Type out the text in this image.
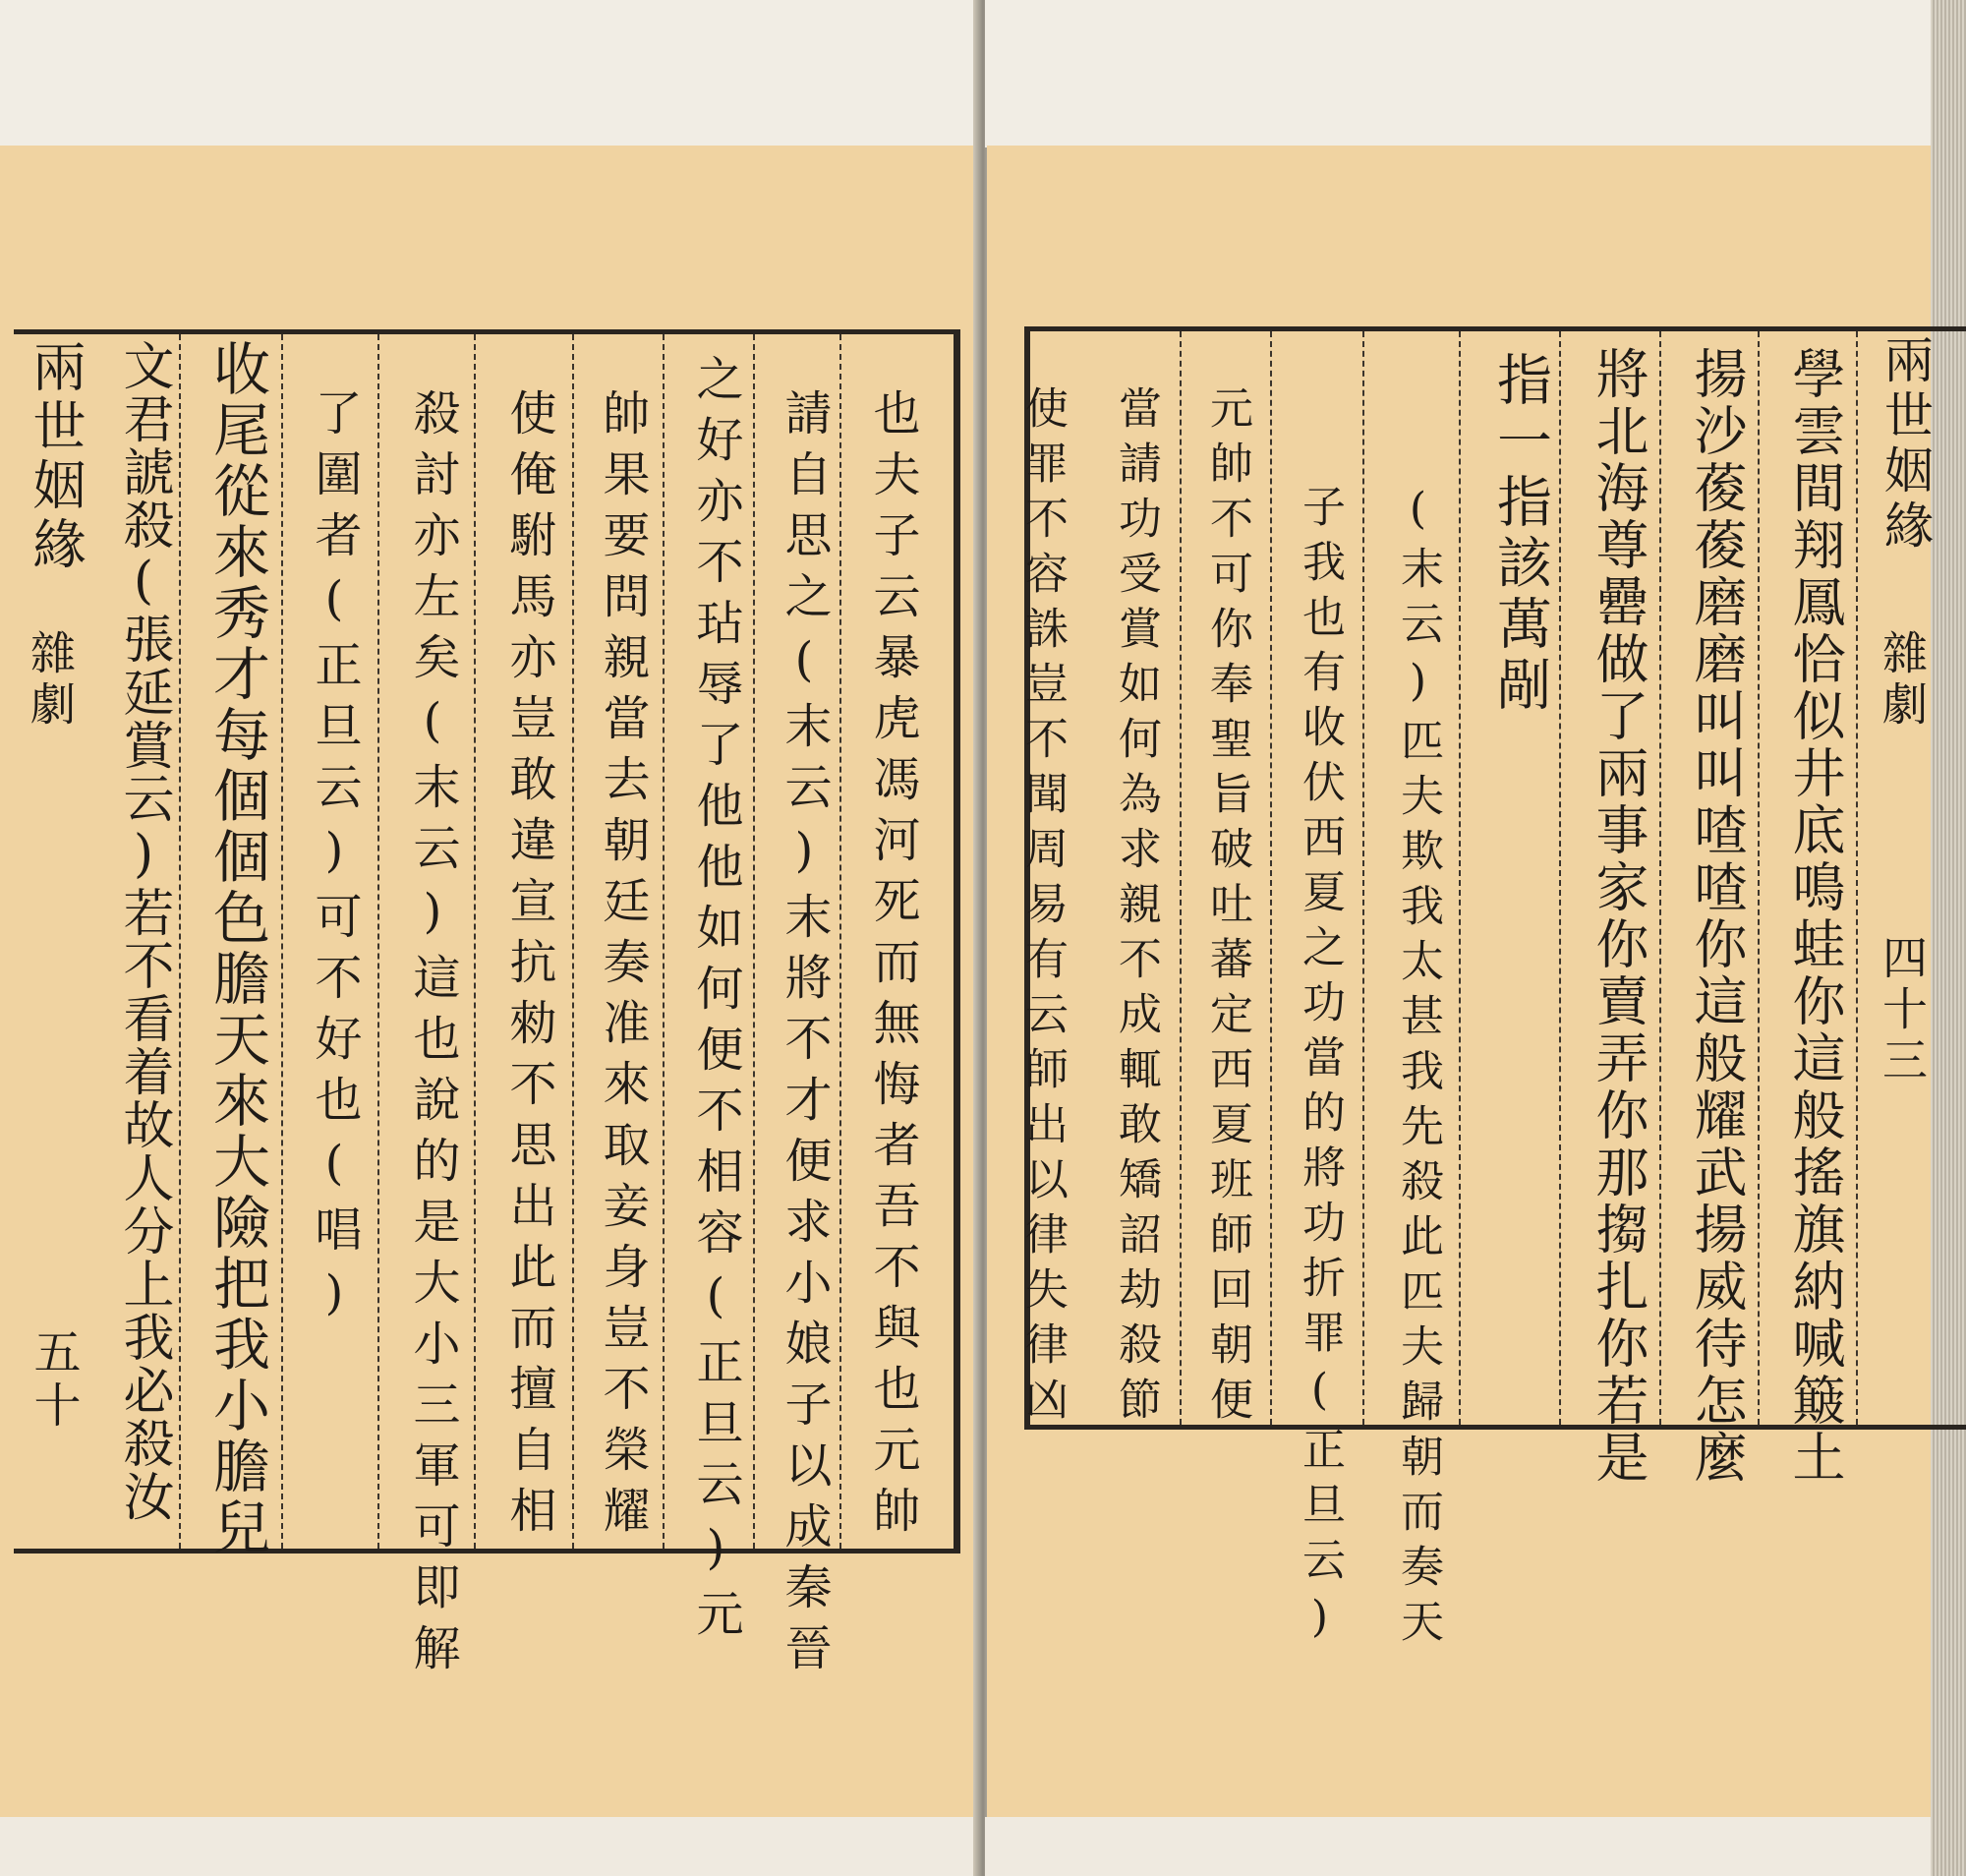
兩世姻緣
雜劇
五十	也夫子云暴虎馮河死而無悔者吾不與也元帥
請自思之(末云)末將不才便求小娘子以成秦晉
之好亦不玷辱了他他如何便不相容(正旦云)元
帥果要問親當去朝廷奏准來取妾身豈不榮耀
使俺駙馬亦豈敢違宣抗勑不思出此而擅自相
殺討亦左矣(末云)這也說的是大小三軍可即解
了圍者(正旦云)可不好也(唱)
收尾從來秀才每個個色膽天來大險把我小膽兒
文君諕殺(張延賞云)若不看着故人分上我必殺汝	兩世姻緣
雜劇
四十三
學雲間翔鳳恰似井底鳴蛙你這般搖旗納喊簸土
揚沙葰葰磨磨叫叫喳喳你這般耀武揚威待怎麼
將北海尊罍做了兩事家你賣弄你那搊扎你若是
指一指該萬剮
(末云)匹夫欺我太甚我先殺此匹夫歸朝而奏天
子我也有收伏西夏之功當的將功折罪(正旦云)
元帥不可你奉聖旨破吐蕃定西夏班師回朝便
當請功受賞如何為求親不成輒敢矯詔劫殺節
使罪不容誅豈不聞周易有云師出以律失律凶
